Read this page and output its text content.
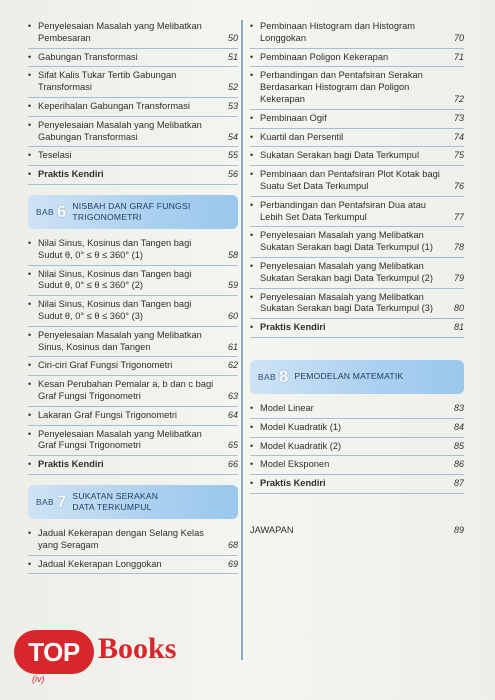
• Penyelesaian Masalah yang Melibatkan Pembesaran	50
• Gabungan Transformasi	51
• Sifat Kalis Tukar Tertib Gabungan Transformasi	52
• Keperihalan Gabungan Transformasi	53
• Penyelesaian Masalah yang Melibatkan Gabungan Transformasi	54
• Teselasi	55
• Praktis Kendiri	56
BAB 6 NISBAH DAN GRAF FUNGSI
TRIGONOMETRI
• Nilai Sinus, Kosinus dan Tangen bagi Sudut θ, 0° ≤ θ ≤ 360° (1)	58
• Nilai Sinus, Kosinus dan Tangen bagi Sudut θ, 0° ≤ θ ≤ 360° (2)	59
• Nilai Sinus, Kosinus dan Tangen bagi Sudut θ, 0° ≤ θ ≤ 360° (3)	60
• Penyelesaian Masalah yang Melibatkan Sinus, Kosinus dan Tangen	61
• Ciri-ciri Graf Fungsi Trigonometri	62
• Kesan Perubahan Pemalar a, b dan c bagi Graf Fungsi Trigonometri	63
• Lakaran Graf Fungsi Trigonometri	64
• Penyelesaian Masalah yang Melibatkan Graf Fungsi Trigonometri	65
• Praktis Kendiri	66
BAB 7 SUKATAN SERAKAN
DATA TERKUMPUL
• Jadual Kekerapan dengan Selang Kelas yang Seragam	68
• Jadual Kekerapan Longgokan	69
• Pembinaan Histogram dan Histogram Longgokan	70
• Pembinaan Poligon Kekerapan	71
• Perbandingan dan Pentafsiran Serakan Berdasarkan Histogram dan Poligon Kekerapan	72
• Pembinaan Ogif	73
• Kuartil dan Persentil	74
• Sukatan Serakan bagi Data Terkumpul	75
• Pembinaan dan Pentafsiran Plot Kotak bagi Suatu Set Data Terkumpul	76
• Perbandingan dan Pentafsiran Dua atau Lebih Set Data Terkumpul	77
• Penyelesaian Masalah yang Melibatkan Sukatan Serakan bagi Data Terkumpul (1)	78
• Penyelesaian Masalah yang Melibatkan Sukatan Serakan bagi Data Terkumpul (2)	79
• Penyelesaian Masalah yang Melibatkan Sukatan Serakan bagi Data Terkumpul (3)	80
• Praktis Kendiri	81
BAB 8 PEMODELAN MATEMATIK
• Model Linear	83
• Model Kuadratik (1)	84
• Model Kuadratik (2)	85
• Model Eksponen	86
• Praktis Kendiri	87
JAWAPAN	89
TOP Books
(iv)
